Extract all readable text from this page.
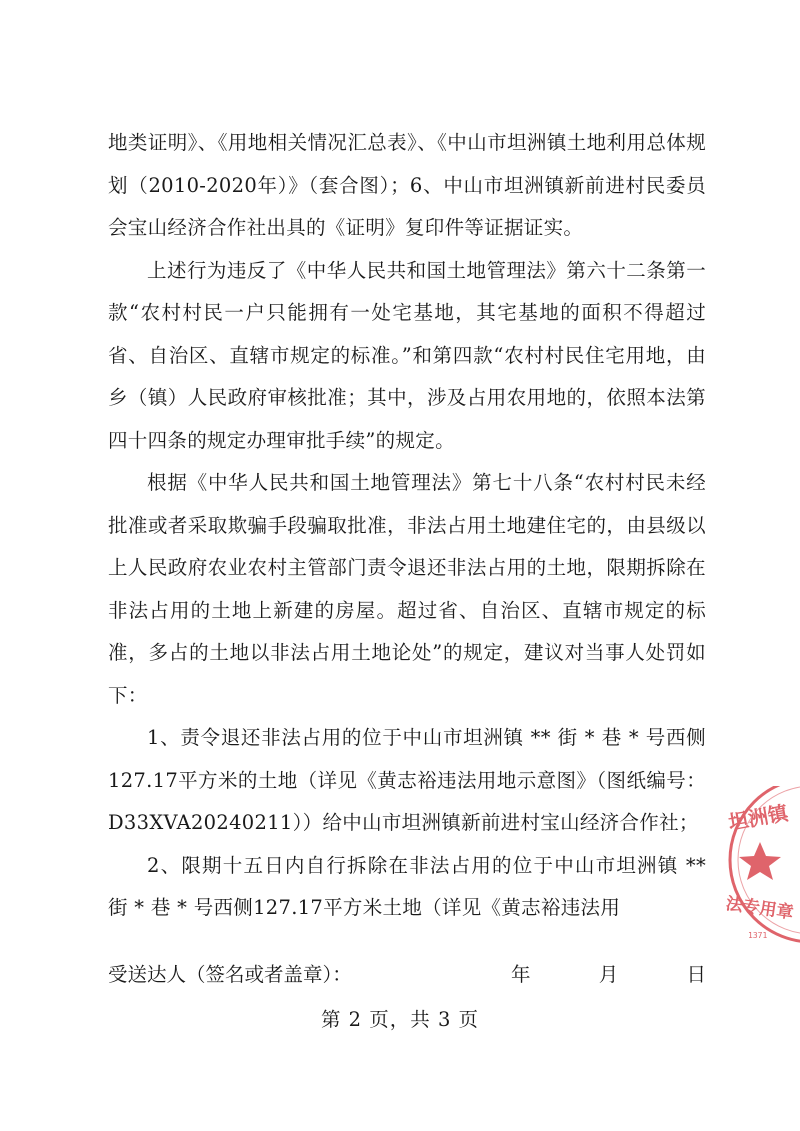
地类证明》、《用地相关情况汇总表》、《中山市坦洲镇土地利用总体规划（2010-2020年）》（套合图）；6、中山市坦洲镇新前进村民委员会宝山经济合作社出具的《证明》复印件等证据证实。

上述行为违反了《中华人民共和国土地管理法》第六十二条第一款“农村村民一户只能拥有一处宅基地，其宅基地的面积不得超过省、自治区、直辖市规定的标准。”和第四款“农村村民住宅用地，由乡（镇）人民政府审核批准；其中，涉及占用农用地的，依照本法第四十四条的规定办理审批手续”的规定。

根据《中华人民共和国土地管理法》第七十八条“农村村民未经批准或者采取欺骗手段骗取批准，非法占用土地建住宅的，由县级以上人民政府农业农村主管部门责令退还非法占用的土地，限期拆除在非法占用的土地上新建的房屋。超过省、自治区、直辖市规定的标准，多占的土地以非法占用土地论处”的规定，建议对当事人处罚如下：

1、责令退还非法占用的位于中山市坦洲镇 ** 街 * 巷 * 号西侧127.17平方米的土地（详见《黄志裕违法用地示意图》（图纸编号：D33XVA20240211））给中山市坦洲镇新前进村宝山经济合作社；

2、限期十五日内自行拆除在非法占用的位于中山市坦洲镇 ** 街 * 巷 * 号西侧127.17平方米土地（详见《黄志裕违法用

受送达人（签名或者盖章）：	年	月	日
第 2 页，共 3 页
坦洲镇
法专用章
1371
